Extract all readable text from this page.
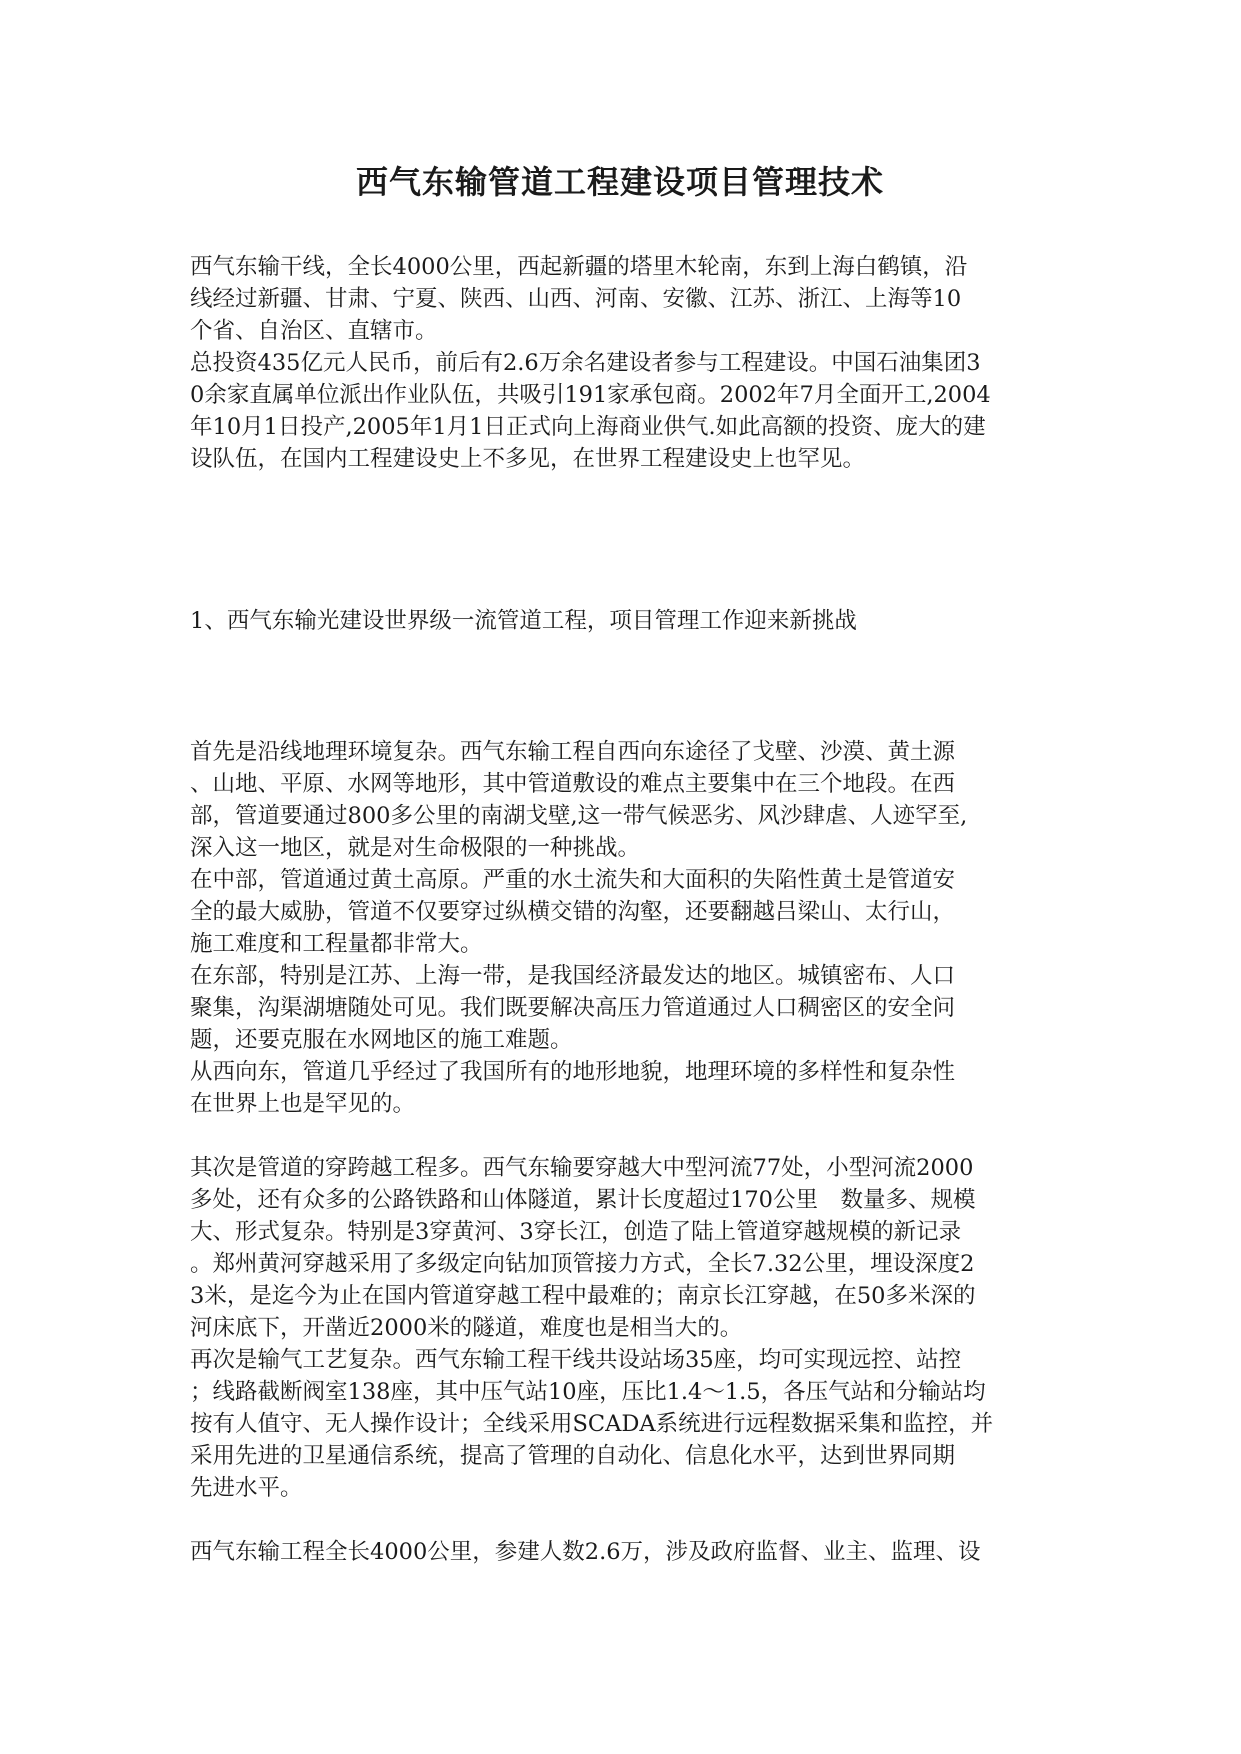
西气东输管道工程建设项目管理技术

西气东输干线，全长4000公里，西起新疆的塔里木轮南，东到上海白鹤镇，沿

线经过新疆、甘肃、宁夏、陕西、山西、河南、安徽、江苏、浙江、上海等10

个省、自治区、直辖市。

总投资435亿元人民币，前后有2.6万余名建设者参与工程建设。中国石油集团3

0余家直属单位派出作业队伍，共吸引191家承包商。2002年7月全面开工,2004

年10月1日投产,2005年1月1日正式向上海商业供气.如此高额的投资、庞大的建

设队伍，在国内工程建设史上不多见，在世界工程建设史上也罕见。

1、西气东输光建设世界级一流管道工程，项目管理工作迎来新挑战

首先是沿线地理环境复杂。西气东输工程自西向东途径了戈壁、沙漠、黄土源

、山地、平原、水网等地形，其中管道敷设的难点主要集中在三个地段。在西

部，管道要通过800多公里的南湖戈壁,这一带气候恶劣、风沙肆虐、人迹罕至,

深入这一地区，就是对生命极限的一种挑战。

在中部，管道通过黄土高原。严重的水土流失和大面积的失陷性黄土是管道安

全的最大威胁，管道不仅要穿过纵横交错的沟壑，还要翻越吕梁山、太行山，

施工难度和工程量都非常大。

在东部，特别是江苏、上海一带，是我国经济最发达的地区。城镇密布、人口

聚集，沟渠湖塘随处可见。我们既要解决高压力管道通过人口稠密区的安全问

题，还要克服在水网地区的施工难题。

从西向东，管道几乎经过了我国所有的地形地貌，地理环境的多样性和复杂性

在世界上也是罕见的。

其次是管道的穿跨越工程多。西气东输要穿越大中型河流77处，小型河流2000

多处，还有众多的公路铁路和山体隧道，累计长度超过170公里　数量多、规模

大、形式复杂。特别是3穿黄河、3穿长江，创造了陆上管道穿越规模的新记录

。郑州黄河穿越采用了多级定向钻加顶管接力方式，全长7.32公里，埋设深度2

3米，是迄今为止在国内管道穿越工程中最难的；南京长江穿越，在50多米深的

河床底下，开凿近2000米的隧道，难度也是相当大的。

再次是输气工艺复杂。西气东输工程干线共设站场35座，均可实现远控、站控

；线路截断阀室138座，其中压气站10座，压比1.4～1.5，各压气站和分输站均

按有人值守、无人操作设计；全线采用SCADA系统进行远程数据采集和监控，并

采用先进的卫星通信系统，提高了管理的自动化、信息化水平，达到世界同期

先进水平。

西气东输工程全长4000公里，参建人数2.6万，涉及政府监督、业主、监理、设
